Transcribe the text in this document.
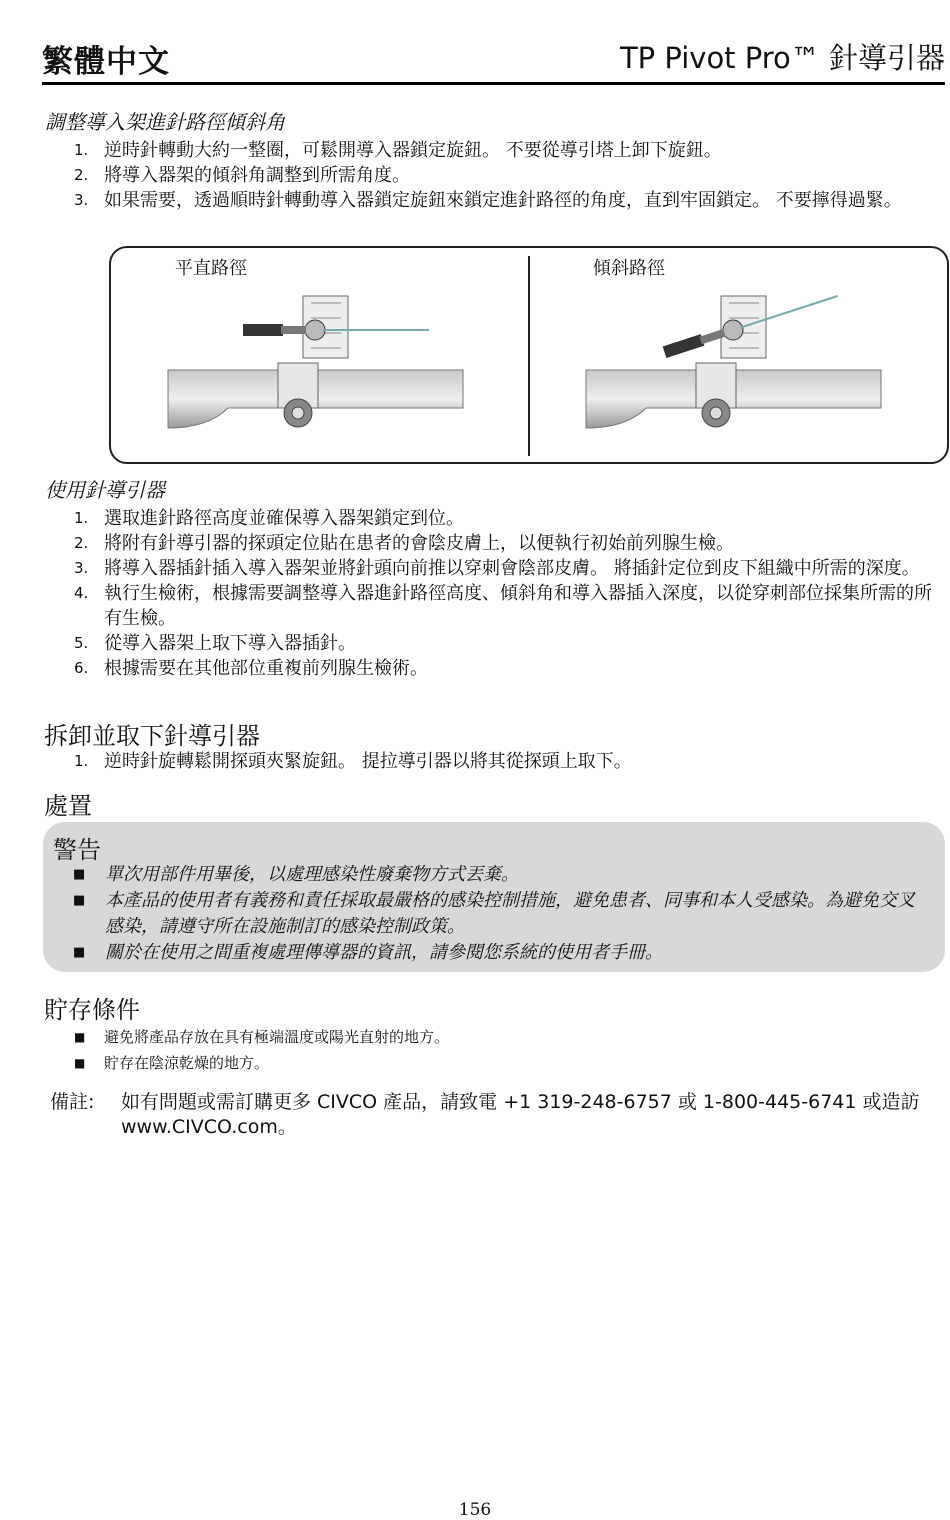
繁體中文	TP Pivot Pro™ 針導引器
調整導入架進針路徑傾斜角
1. 逆時針轉動大約一整圈，可鬆開導入器鎖定旋鈕。 不要從導引塔上卸下旋鈕。
2. 將導入器架的傾斜角調整到所需角度。
3. 如果需要，透過順時針轉動導入器鎖定旋鈕來鎖定進針路徑的角度，直到牢固鎖定。 不要擰得過緊。
平直路徑	傾斜路徑
使用針導引器
1. 選取進針路徑高度並確保導入器架鎖定到位。
2. 將附有針導引器的探頭定位貼在患者的會陰皮膚上，以便執行初始前列腺生檢。
3. 將導入器插針插入導入器架並將針頭向前推以穿刺會陰部皮膚。 將插針定位到皮下組織中所需的深度。
4. 執行生檢術，根據需要調整導入器進針路徑高度、傾斜角和導入器插入深度，以從穿刺部位採集所需的所有生檢。
5. 從導入器架上取下導入器插針。
6. 根據需要在其他部位重複前列腺生檢術。
拆卸並取下針導引器
1. 逆時針旋轉鬆開探頭夾緊旋鈕。 提拉導引器以將其從探頭上取下。
處置
警告
■ 單次用部件用畢後，以處理感染性廢棄物方式丟棄。
■ 本產品的使用者有義務和責任採取最嚴格的感染控制措施，避免患者、同事和本人受感染。為避免交叉感染，請遵守所在設施制訂的感染控制政策。
■ 關於在使用之間重複處理傳導器的資訊，請參閱您系統的使用者手冊。
貯存條件
■ 避免將產品存放在具有極端溫度或陽光直射的地方。
■ 貯存在陰涼乾燥的地方。
備註: 如有問題或需訂購更多 CIVCO 產品，請致電 +1 319-248-6757 或 1-800-445-6741 或造訪 www.CIVCO.com。
156
